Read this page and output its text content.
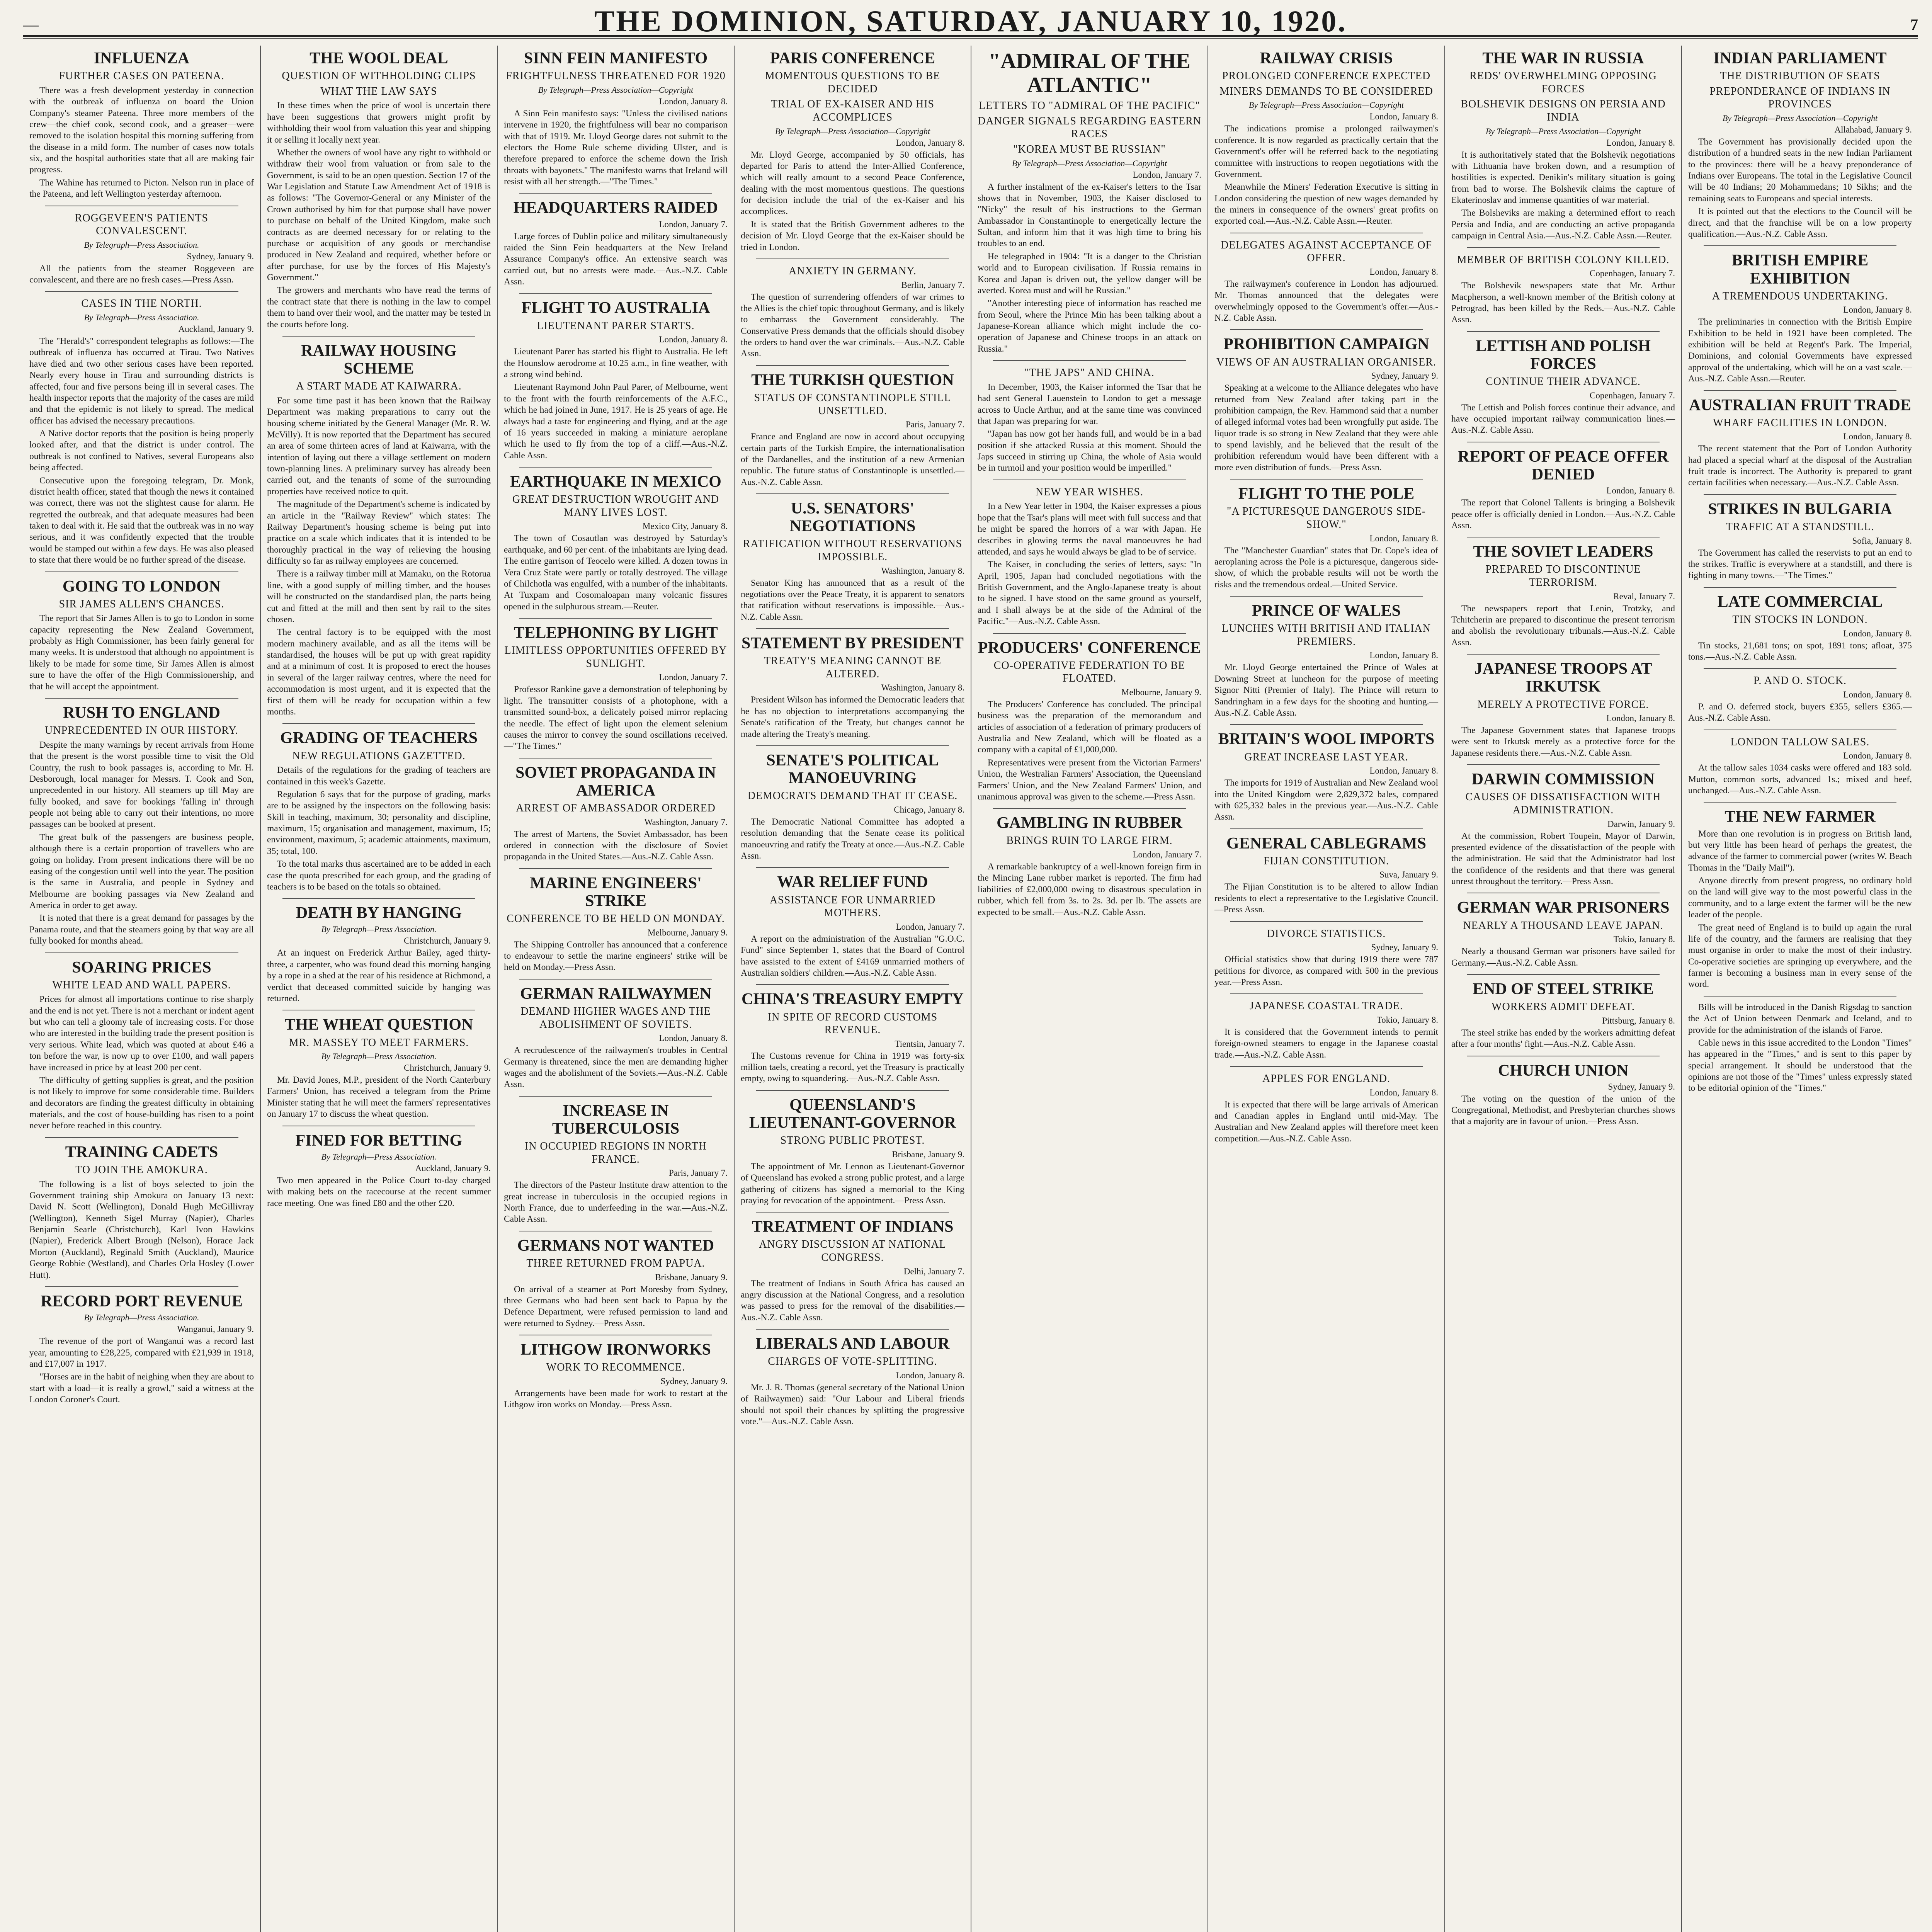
—	THE DOMINION, SATURDAY, JANUARY 10, 1920.	7
INFLUENZA
FURTHER CASES ON PATEENA.

There was a fresh development yesterday in connection with the outbreak of influenza on board the Union Company's steamer Pateena. Three more members of the crew—the chief cook, second cook, and a greaser—were removed to the isolation hospital this morning suffering from the disease in a mild form. The number of cases now totals six, and the hospital authorities state that all are making fair progress.

The Wahine has returned to Picton. Nelson run in place of the Pateena, and left Wellington yesterday afternoon.

ROGGEVEEN'S PATIENTS CONVALESCENT.
By Telegraph—Press Association.
Sydney, January 9.

All the patients from the steamer Roggeveen are convalescent, and there are no fresh cases.—Press Assn.

CASES IN THE NORTH.
By Telegraph—Press Association.
Auckland, January 9.

The "Herald's" correspondent telegraphs as follows:—The outbreak of influenza has occurred at Tirau. Two Natives have died and two other serious cases have been reported. Nearly every house in Tirau and surrounding districts is affected, four and five persons being ill in several cases. The health inspector reports that the majority of the cases are mild and that the epidemic is not likely to spread. The medical officer has advised the necessary precautions.

A Native doctor reports that the position is being properly looked after, and that the district is under control. The outbreak is not confined to Natives, several Europeans also being affected.

Consecutive upon the foregoing telegram, Dr. Monk, district health officer, stated that though the news it contained was correct, there was not the slightest cause for alarm. He regretted the outbreak, and that adequate measures had been taken to deal with it. He said that the outbreak was in no way serious, and it was confidently expected that the trouble would be stamped out within a few days. He was also pleased to state that there would be no further spread of the disease.

GOING TO LONDON
SIR JAMES ALLEN'S CHANCES.

The report that Sir James Allen is to go to London in some capacity representing the New Zealand Government, probably as High Commissioner, has been fairly general for many weeks. It is understood that although no appointment is likely to be made for some time, Sir James Allen is almost sure to have the offer of the High Commissionership, and that he will accept the appointment.

RUSH TO ENGLAND
UNPRECEDENTED IN OUR HISTORY.

Despite the many warnings by recent arrivals from Home that the present is the worst possible time to visit the Old Country, the rush to book passages is, according to Mr. H. Desborough, local manager for Messrs. T. Cook and Son, unprecedented in our history. All steamers up till May are fully booked, and save for bookings 'falling in' through people not being able to carry out their intentions, no more passages can be booked at present.

The great bulk of the passengers are business people, although there is a certain proportion of travellers who are going on holiday. From present indications there will be no easing of the congestion until well into the year. The position is the same in Australia, and people in Sydney and Melbourne are booking passages via New Zealand and America in order to get away.

It is noted that there is a great demand for passages by the Panama route, and that the steamers going by that way are all fully booked for months ahead.

SOARING PRICES
WHITE LEAD AND WALL PAPERS.

Prices for almost all importations continue to rise sharply and the end is not yet. There is not a merchant or indent agent but who can tell a gloomy tale of increasing costs. For those who are interested in the building trade the present position is very serious. White lead, which was quoted at about £46 a ton before the war, is now up to over £100, and wall papers have increased in price by at least 200 per cent.

The difficulty of getting supplies is great, and the position is not likely to improve for some considerable time. Builders and decorators are finding the greatest difficulty in obtaining materials, and the cost of house-building has risen to a point never before reached in this country.

TRAINING CADETS
TO JOIN THE AMOKURA.

The following is a list of boys selected to join the Government training ship Amokura on January 13 next: David N. Scott (Wellington), Donald Hugh McGillivray (Wellington), Kenneth Sigel Murray (Napier), Charles Benjamin Searle (Christchurch), Karl Ivon Hawkins (Napier), Frederick Albert Brough (Nelson), Horace Jack Morton (Auckland), Reginald Smith (Auckland), Maurice George Robbie (Westland), and Charles Orla Hosley (Lower Hutt).

RECORD PORT REVENUE
By Telegraph—Press Association.
Wanganui, January 9.

The revenue of the port of Wanganui was a record last year, amounting to £28,225, compared with £21,939 in 1918, and £17,007 in 1917.

"Horses are in the habit of neighing when they are about to start with a load—it is really a growl," said a witness at the London Coroner's Court.

THE WOOL DEAL
QUESTION OF WITHHOLDING CLIPS
WHAT THE LAW SAYS

In these times when the price of wool is uncertain there have been suggestions that growers might profit by withholding their wool from valuation this year and shipping it or selling it locally next year.

Whether the owners of wool have any right to withhold or withdraw their wool from valuation or from sale to the Government, is said to be an open question. Section 17 of the War Legislation and Statute Law Amendment Act of 1918 is as follows: "The Governor-General or any Minister of the Crown authorised by him for that purpose shall have power to purchase on behalf of the United Kingdom, make such contracts as are deemed necessary for or relating to the purchase or acquisition of any goods or merchandise produced in New Zealand and required, whether before or after purchase, for use by the forces of His Majesty's Government."

The growers and merchants who have read the terms of the contract state that there is nothing in the law to compel them to hand over their wool, and the matter may be tested in the courts before long.

RAILWAY HOUSING SCHEME
A START MADE AT KAIWARRA.

For some time past it has been known that the Railway Department was making preparations to carry out the housing scheme initiated by the General Manager (Mr. R. W. McVilly). It is now reported that the Department has secured an area of some thirteen acres of land at Kaiwarra, with the intention of laying out there a village settlement on modern town-planning lines. A preliminary survey has already been carried out, and the tenants of some of the surrounding properties have received notice to quit.

The magnitude of the Department's scheme is indicated by an article in the "Railway Review" which states: The Railway Department's housing scheme is being put into practice on a scale which indicates that it is intended to be thoroughly practical in the way of relieving the housing difficulty so far as railway employees are concerned.

There is a railway timber mill at Mamaku, on the Rotorua line, with a good supply of milling timber, and the houses will be constructed on the standardised plan, the parts being cut and fitted at the mill and then sent by rail to the sites chosen.

The central factory is to be equipped with the most modern machinery available, and as all the items will be standardised, the houses will be put up with great rapidity and at a minimum of cost. It is proposed to erect the houses in several of the larger railway centres, where the need for accommodation is most urgent, and it is expected that the first of them will be ready for occupation within a few months.

GRADING OF TEACHERS
NEW REGULATIONS GAZETTED.

Details of the regulations for the grading of teachers are contained in this week's Gazette.

Regulation 6 says that for the purpose of grading, marks are to be assigned by the inspectors on the following basis: Skill in teaching, maximum, 30; personality and discipline, maximum, 15; organisation and management, maximum, 15; environment, maximum, 5; academic attainments, maximum, 35; total, 100.

To the total marks thus ascertained are to be added in each case the quota prescribed for each group, and the grading of teachers is to be based on the totals so obtained.

DEATH BY HANGING
By Telegraph—Press Association.
Christchurch, January 9.

At an inquest on Frederick Arthur Bailey, aged thirty-three, a carpenter, who was found dead this morning hanging by a rope in a shed at the rear of his residence at Richmond, a verdict that deceased committed suicide by hanging was returned.

THE WHEAT QUESTION
MR. MASSEY TO MEET FARMERS.
By Telegraph—Press Association.
Christchurch, January 9.

Mr. David Jones, M.P., president of the North Canterbury Farmers' Union, has received a telegram from the Prime Minister stating that he will meet the farmers' representatives on January 17 to discuss the wheat question.

FINED FOR BETTING
By Telegraph—Press Association.
Auckland, January 9.

Two men appeared in the Police Court to-day charged with making bets on the racecourse at the recent summer race meeting. One was fined £80 and the other £20.

SINN FEIN MANIFESTO
FRIGHTFULNESS THREATENED FOR 1920
By Telegraph—Press Association—Copyright
London, January 8.

A Sinn Fein manifesto says: "Unless the civilised nations intervene in 1920, the frightfulness will bear no comparison with that of 1919. Mr. Lloyd George dares not submit to the electors the Home Rule scheme dividing Ulster, and is therefore prepared to enforce the scheme down the Irish throats with bayonets." The manifesto warns that Ireland will resist with all her strength.—"The Times."

HEADQUARTERS RAIDED
London, January 7.

Large forces of Dublin police and military simultaneously raided the Sinn Fein headquarters at the New Ireland Assurance Company's office. An extensive search was carried out, but no arrests were made.—Aus.-N.Z. Cable Assn.

FLIGHT TO AUSTRALIA
LIEUTENANT PARER STARTS.
London, January 8.

Lieutenant Parer has started his flight to Australia. He left the Hounslow aerodrome at 10.25 a.m., in fine weather, with a strong wind behind.

Lieutenant Raymond John Paul Parer, of Melbourne, went to the front with the fourth reinforcements of the A.F.C., which he had joined in June, 1917. He is 25 years of age. He always had a taste for engineering and flying, and at the age of 16 years succeeded in making a miniature aeroplane which he used to fly from the top of a cliff.—Aus.-N.Z. Cable Assn.

EARTHQUAKE IN MEXICO
GREAT DESTRUCTION WROUGHT AND MANY LIVES LOST.
Mexico City, January 8.

The town of Cosautlan was destroyed by Saturday's earthquake, and 60 per cent. of the inhabitants are lying dead. The entire garrison of Teocelo were killed. A dozen towns in Vera Cruz State were partly or totally destroyed. The village of Chilchotla was engulfed, with a number of the inhabitants. At Tuxpam and Cosomaloapan many volcanic fissures opened in the sulphurous stream.—Reuter.

TELEPHONING BY LIGHT
LIMITLESS OPPORTUNITIES OFFERED BY SUNLIGHT.
London, January 7.

Professor Rankine gave a demonstration of telephoning by light. The transmitter consists of a photophone, with a transmitted sound-box, a delicately poised mirror replacing the needle. The effect of light upon the element selenium causes the mirror to convey the sound oscillations received.—"The Times."

SOVIET PROPAGANDA IN AMERICA
ARREST OF AMBASSADOR ORDERED
Washington, January 7.

The arrest of Martens, the Soviet Ambassador, has been ordered in connection with the disclosure of Soviet propaganda in the United States.—Aus.-N.Z. Cable Assn.

MARINE ENGINEERS' STRIKE
CONFERENCE TO BE HELD ON MONDAY.
Melbourne, January 9.

The Shipping Controller has announced that a conference to endeavour to settle the marine engineers' strike will be held on Monday.—Press Assn.

GERMAN RAILWAYMEN
DEMAND HIGHER WAGES AND THE ABOLISHMENT OF SOVIETS.
London, January 8.

A recrudescence of the railwaymen's troubles in Central Germany is threatened, since the men are demanding higher wages and the abolishment of the Soviets.—Aus.-N.Z. Cable Assn.

INCREASE IN TUBERCULOSIS
IN OCCUPIED REGIONS IN NORTH FRANCE.
Paris, January 7.

The directors of the Pasteur Institute draw attention to the great increase in tuberculosis in the occupied regions in North France, due to underfeeding in the war.—Aus.-N.Z. Cable Assn.

GERMANS NOT WANTED
THREE RETURNED FROM PAPUA.
Brisbane, January 9.

On arrival of a steamer at Port Moresby from Sydney, three Germans who had been sent back to Papua by the Defence Department, were refused permission to land and were returned to Sydney.—Press Assn.

LITHGOW IRONWORKS
WORK TO RECOMMENCE.
Sydney, January 9.

Arrangements have been made for work to restart at the Lithgow iron works on Monday.—Press Assn.

PARIS CONFERENCE
MOMENTOUS QUESTIONS TO BE DECIDED
TRIAL OF EX-KAISER AND HIS ACCOMPLICES
By Telegraph—Press Association—Copyright
London, January 8.

Mr. Lloyd George, accompanied by 50 officials, has departed for Paris to attend the Inter-Allied Conference, which will really amount to a second Peace Conference, dealing with the most momentous questions. The questions for decision include the trial of the ex-Kaiser and his accomplices.

It is stated that the British Government adheres to the decision of Mr. Lloyd George that the ex-Kaiser should be tried in London.

ANXIETY IN GERMANY.
Berlin, January 7.

The question of surrendering offenders of war crimes to the Allies is the chief topic throughout Germany, and is likely to embarrass the Government considerably. The Conservative Press demands that the officials should disobey the orders to hand over the war criminals.—Aus.-N.Z. Cable Assn.

THE TURKISH QUESTION
STATUS OF CONSTANTINOPLE STILL UNSETTLED.
Paris, January 7.

France and England are now in accord about occupying certain parts of the Turkish Empire, the internationalisation of the Dardanelles, and the institution of a new Armenian republic. The future status of Constantinople is unsettled.—Aus.-N.Z. Cable Assn.

U.S. SENATORS' NEGOTIATIONS
RATIFICATION WITHOUT RESERVATIONS IMPOSSIBLE.
Washington, January 8.

Senator King has announced that as a result of the negotiations over the Peace Treaty, it is apparent to senators that ratification without reservations is impossible.—Aus.-N.Z. Cable Assn.

STATEMENT BY PRESIDENT
TREATY'S MEANING CANNOT BE ALTERED.
Washington, January 8.

President Wilson has informed the Democratic leaders that he has no objection to interpretations accompanying the Senate's ratification of the Treaty, but changes cannot be made altering the Treaty's meaning.

SENATE'S POLITICAL MANOEUVRING
DEMOCRATS DEMAND THAT IT CEASE.
Chicago, January 8.

The Democratic National Committee has adopted a resolution demanding that the Senate cease its political manoeuvring and ratify the Treaty at once.—Aus.-N.Z. Cable Assn.

WAR RELIEF FUND
ASSISTANCE FOR UNMARRIED MOTHERS.
London, January 7.

A report on the administration of the Australian "G.O.C. Fund" since September 1, states that the Board of Control have assisted to the extent of £4169 unmarried mothers of Australian soldiers' children.—Aus.-N.Z. Cable Assn.

CHINA'S TREASURY EMPTY
IN SPITE OF RECORD CUSTOMS REVENUE.
Tientsin, January 7.

The Customs revenue for China in 1919 was forty-six million taels, creating a record, yet the Treasury is practically empty, owing to squandering.—Aus.-N.Z. Cable Assn.

QUEENSLAND'S LIEUTENANT-GOVERNOR
STRONG PUBLIC PROTEST.
Brisbane, January 9.

The appointment of Mr. Lennon as Lieutenant-Governor of Queensland has evoked a strong public protest, and a large gathering of citizens has signed a memorial to the King praying for revocation of the appointment.—Press Assn.

TREATMENT OF INDIANS
ANGRY DISCUSSION AT NATIONAL CONGRESS.
Delhi, January 7.

The treatment of Indians in South Africa has caused an angry discussion at the National Congress, and a resolution was passed to press for the removal of the disabilities.—Aus.-N.Z. Cable Assn.

LIBERALS AND LABOUR
CHARGES OF VOTE-SPLITTING.
London, January 8.

Mr. J. R. Thomas (general secretary of the National Union of Railwaymen) said: "Our Labour and Liberal friends should not spoil their chances by splitting the progressive vote."—Aus.-N.Z. Cable Assn.

"ADMIRAL OF THE ATLANTIC"
LETTERS TO "ADMIRAL OF THE PACIFIC"
DANGER SIGNALS REGARDING EASTERN RACES
"KOREA MUST BE RUSSIAN"
By Telegraph—Press Association—Copyright
London, January 7.

A further instalment of the ex-Kaiser's letters to the Tsar shows that in November, 1903, the Kaiser disclosed to "Nicky" the result of his instructions to the German Ambassador in Constantinople to energetically lecture the Sultan, and inform him that it was high time to bring his troubles to an end.

He telegraphed in 1904: "It is a danger to the Christian world and to European civilisation. If Russia remains in Korea and Japan is driven out, the yellow danger will be averted. Korea must and will be Russian."

"Another interesting piece of information has reached me from Seoul, where the Prince Min has been talking about a Japanese-Korean alliance which might include the co-operation of Japanese and Chinese troops in an attack on Russia."

"THE JAPS" AND CHINA.

In December, 1903, the Kaiser informed the Tsar that he had sent General Lauenstein to London to get a message across to Uncle Arthur, and at the same time was convinced that Japan was preparing for war.

"Japan has now got her hands full, and would be in a bad position if she attacked Russia at this moment. Should the Japs succeed in stirring up China, the whole of Asia would be in turmoil and your position would be imperilled."

NEW YEAR WISHES.

In a New Year letter in 1904, the Kaiser expresses a pious hope that the Tsar's plans will meet with full success and that he might be spared the horrors of a war with Japan. He describes in glowing terms the naval manoeuvres he had attended, and says he would always be glad to be of service.

The Kaiser, in concluding the series of letters, says: "In April, 1905, Japan had concluded negotiations with the British Government, and the Anglo-Japanese treaty is about to be signed. I have stood on the same ground as yourself, and I shall always be at the side of the Admiral of the Pacific."—Aus.-N.Z. Cable Assn.

PRODUCERS' CONFERENCE
CO-OPERATIVE FEDERATION TO BE FLOATED.
Melbourne, January 9.

The Producers' Conference has concluded. The principal business was the preparation of the memorandum and articles of association of a federation of primary producers of Australia and New Zealand, which will be floated as a company with a capital of £1,000,000.

Representatives were present from the Victorian Farmers' Union, the Westralian Farmers' Association, the Queensland Farmers' Union, and the New Zealand Farmers' Union, and unanimous approval was given to the scheme.—Press Assn.

GAMBLING IN RUBBER
BRINGS RUIN TO LARGE FIRM.
London, January 7.

A remarkable bankruptcy of a well-known foreign firm in the Mincing Lane rubber market is reported. The firm had liabilities of £2,000,000 owing to disastrous speculation in rubber, which fell from 3s. to 2s. 3d. per lb. The assets are expected to be small.—Aus.-N.Z. Cable Assn.

RAILWAY CRISIS
PROLONGED CONFERENCE EXPECTED
MINERS DEMANDS TO BE CONSIDERED
By Telegraph—Press Association—Copyright
London, January 8.

The indications promise a prolonged railwaymen's conference. It is now regarded as practically certain that the Government's offer will be referred back to the negotiating committee with instructions to reopen negotiations with the Government.

Meanwhile the Miners' Federation Executive is sitting in London considering the question of new wages demanded by the miners in consequence of the owners' great profits on exported coal.—Aus.-N.Z. Cable Assn.—Reuter.

DELEGATES AGAINST ACCEPTANCE OF OFFER.
London, January 8.

The railwaymen's conference in London has adjourned. Mr. Thomas announced that the delegates were overwhelmingly opposed to the Government's offer.—Aus.-N.Z. Cable Assn.

PROHIBITION CAMPAIGN
VIEWS OF AN AUSTRALIAN ORGANISER.
Sydney, January 9.

Speaking at a welcome to the Alliance delegates who have returned from New Zealand after taking part in the prohibition campaign, the Rev. Hammond said that a number of alleged informal votes had been wrongfully put aside. The liquor trade is so strong in New Zealand that they were able to spend lavishly, and he believed that the result of the prohibition referendum would have been different with a more even distribution of funds.—Press Assn.

FLIGHT TO THE POLE
"A PICTURESQUE DANGEROUS SIDE-SHOW."
London, January 8.

The "Manchester Guardian" states that Dr. Cope's idea of aeroplaning across the Pole is a picturesque, dangerous side-show, of which the probable results will not be worth the risks and the tremendous ordeal.—United Service.

PRINCE OF WALES
LUNCHES WITH BRITISH AND ITALIAN PREMIERS.
London, January 8.

Mr. Lloyd George entertained the Prince of Wales at Downing Street at luncheon for the purpose of meeting Signor Nitti (Premier of Italy). The Prince will return to Sandringham in a few days for the shooting and hunting.—Aus.-N.Z. Cable Assn.

BRITAIN'S WOOL IMPORTS
GREAT INCREASE LAST YEAR.
London, January 8.

The imports for 1919 of Australian and New Zealand wool into the United Kingdom were 2,829,372 bales, compared with 625,332 bales in the previous year.—Aus.-N.Z. Cable Assn.

GENERAL CABLEGRAMS
FIJIAN CONSTITUTION.
Suva, January 9.

The Fijian Constitution is to be altered to allow Indian residents to elect a representative to the Legislative Council.—Press Assn.

DIVORCE STATISTICS.
Sydney, January 9.

Official statistics show that during 1919 there were 787 petitions for divorce, as compared with 500 in the previous year.—Press Assn.

JAPANESE COASTAL TRADE.
Tokio, January 8.

It is considered that the Government intends to permit foreign-owned steamers to engage in the Japanese coastal trade.—Aus.-N.Z. Cable Assn.

APPLES FOR ENGLAND.
London, January 8.

It is expected that there will be large arrivals of American and Canadian apples in England until mid-May. The Australian and New Zealand apples will therefore meet keen competition.—Aus.-N.Z. Cable Assn.

THE WAR IN RUSSIA
REDS' OVERWHELMING OPPOSING FORCES
BOLSHEVIK DESIGNS ON PERSIA AND INDIA
By Telegraph—Press Association—Copyright
London, January 8.

It is authoritatively stated that the Bolshevik negotiations with Lithuania have broken down, and a resumption of hostilities is expected. Denikin's military situation is going from bad to worse. The Bolshevik claims the capture of Ekaterinoslav and immense quantities of war material.

The Bolsheviks are making a determined effort to reach Persia and India, and are conducting an active propaganda campaign in Central Asia.—Aus.-N.Z. Cable Assn.—Reuter.

MEMBER OF BRITISH COLONY KILLED.
Copenhagen, January 7.

The Bolshevik newspapers state that Mr. Arthur Macpherson, a well-known member of the British colony at Petrograd, has been killed by the Reds.—Aus.-N.Z. Cable Assn.

LETTISH AND POLISH FORCES
CONTINUE THEIR ADVANCE.
Copenhagen, January 7.

The Lettish and Polish forces continue their advance, and have occupied important railway communication lines.—Aus.-N.Z. Cable Assn.

REPORT OF PEACE OFFER DENIED
London, January 8.

The report that Colonel Tallents is bringing a Bolshevik peace offer is officially denied in London.—Aus.-N.Z. Cable Assn.

THE SOVIET LEADERS
PREPARED TO DISCONTINUE TERRORISM.
Reval, January 7.

The newspapers report that Lenin, Trotzky, and Tchitcherin are prepared to discontinue the present terrorism and abolish the revolutionary tribunals.—Aus.-N.Z. Cable Assn.

JAPANESE TROOPS AT IRKUTSK
MERELY A PROTECTIVE FORCE.
London, January 8.

The Japanese Government states that Japanese troops were sent to Irkutsk merely as a protective force for the Japanese residents there.—Aus.-N.Z. Cable Assn.

DARWIN COMMISSION
CAUSES OF DISSATISFACTION WITH ADMINISTRATION.
Darwin, January 9.

At the commission, Robert Toupein, Mayor of Darwin, presented evidence of the dissatisfaction of the people with the administration. He said that the Administrator had lost the confidence of the residents and that there was general unrest throughout the territory.—Press Assn.

GERMAN WAR PRISONERS
NEARLY A THOUSAND LEAVE JAPAN.
Tokio, January 8.

Nearly a thousand German war prisoners have sailed for Germany.—Aus.-N.Z. Cable Assn.

END OF STEEL STRIKE
WORKERS ADMIT DEFEAT.
Pittsburg, January 8.

The steel strike has ended by the workers admitting defeat after a four months' fight.—Aus.-N.Z. Cable Assn.

CHURCH UNION
Sydney, January 9.

The voting on the question of the union of the Congregational, Methodist, and Presbyterian churches shows that a majority are in favour of union.—Press Assn.

INDIAN PARLIAMENT
THE DISTRIBUTION OF SEATS
PREPONDERANCE OF INDIANS IN PROVINCES
By Telegraph—Press Association—Copyright
Allahabad, January 9.

The Government has provisionally decided upon the distribution of a hundred seats in the new Indian Parliament to the provinces: there will be a heavy preponderance of Indians over Europeans. The total in the Legislative Council will be 40 Indians; 20 Mohammedans; 10 Sikhs; and the remaining seats to Europeans and special interests.

It is pointed out that the elections to the Council will be direct, and that the franchise will be on a low property qualification.—Aus.-N.Z. Cable Assn.

BRITISH EMPIRE EXHIBITION
A TREMENDOUS UNDERTAKING.
London, January 8.

The preliminaries in connection with the British Empire Exhibition to be held in 1921 have been completed. The exhibition will be held at Regent's Park. The Imperial, Dominions, and colonial Governments have expressed approval of the undertaking, which will be on a vast scale.—Aus.-N.Z. Cable Assn.—Reuter.

AUSTRALIAN FRUIT TRADE
WHARF FACILITIES IN LONDON.
London, January 8.

The recent statement that the Port of London Authority had placed a special wharf at the disposal of the Australian fruit trade is incorrect. The Authority is prepared to grant certain facilities when necessary.—Aus.-N.Z. Cable Assn.

STRIKES IN BULGARIA
TRAFFIC AT A STANDSTILL.
Sofia, January 8.

The Government has called the reservists to put an end to the strikes. Traffic is everywhere at a standstill, and there is fighting in many towns.—"The Times."

LATE COMMERCIAL
TIN STOCKS IN LONDON.
London, January 8.

Tin stocks, 21,681 tons; on spot, 1891 tons; afloat, 375 tons.—Aus.-N.Z. Cable Assn.

P. AND O. STOCK.
London, January 8.

P. and O. deferred stock, buyers £355, sellers £365.—Aus.-N.Z. Cable Assn.

LONDON TALLOW SALES.
London, January 8.

At the tallow sales 1034 casks were offered and 183 sold. Mutton, common sorts, advanced 1s.; mixed and beef, unchanged.—Aus.-N.Z. Cable Assn.

THE NEW FARMER

More than one revolution is in progress on British land, but very little has been heard of perhaps the greatest, the advance of the farmer to commercial power (writes W. Beach Thomas in the "Daily Mail").

Anyone directly from present progress, no ordinary hold on the land will give way to the most powerful class in the community, and to a large extent the farmer will be the new leader of the people.

The great need of England is to build up again the rural life of the country, and the farmers are realising that they must organise in order to make the most of their industry. Co-operative societies are springing up everywhere, and the farmer is becoming a business man in every sense of the word.

Bills will be introduced in the Danish Rigsdag to sanction the Act of Union between Denmark and Iceland, and to provide for the administration of the islands of Faroe.

Cable news in this issue accredited to the London "Times" has appeared in the "Times," and is sent to this paper by special arrangement. It should be understood that the opinions are not those of the "Times" unless expressly stated to be editorial opinion of the "Times."
